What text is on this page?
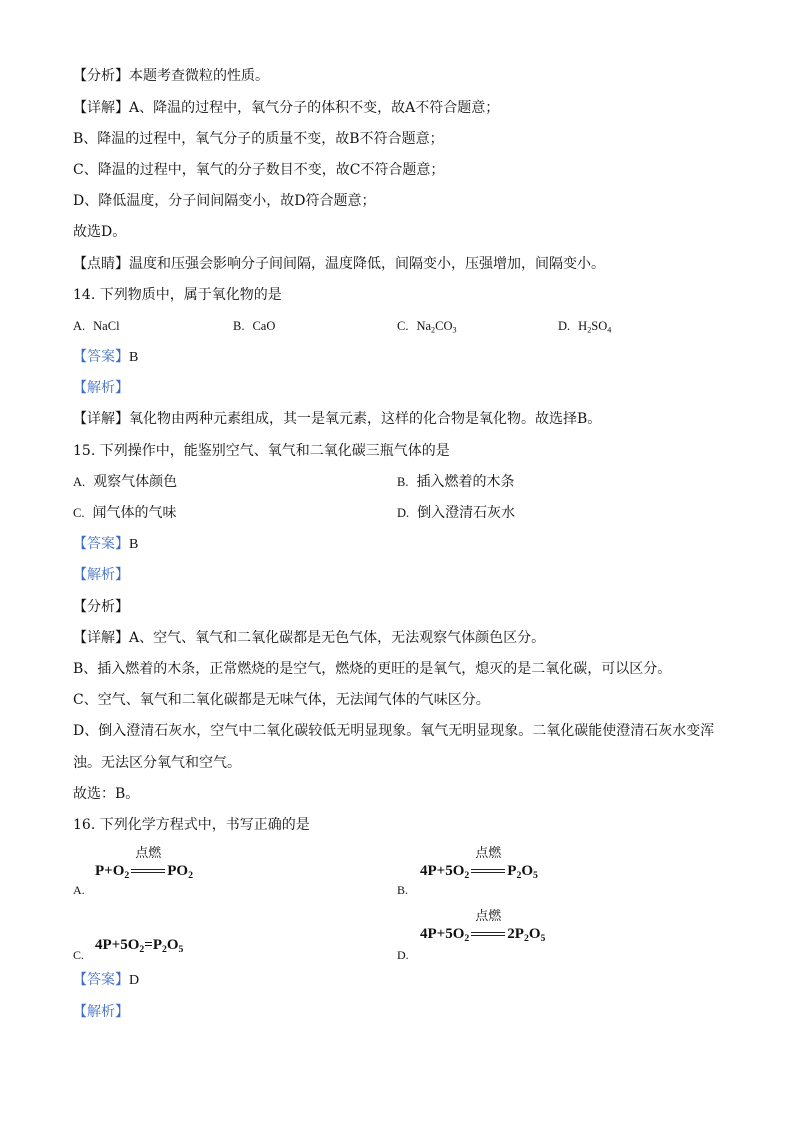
【分析】本题考查微粒的性质。
【详解】A、降温的过程中，氧气分子的体积不变，故A不符合题意；
B、降温的过程中，氧气分子的质量不变，故B不符合题意；
C、降温的过程中，氧气的分子数目不变，故C不符合题意；
D、降低温度，分子间间隔变小，故D符合题意；
故选D。
【点睛】温度和压强会影响分子间间隔，温度降低，间隔变小，压强增加，间隔变小。
14. 下列物质中，属于氧化物的是
A. NaCl	B. CaO	C. $Na_2CO_3$	D. $H_2SO_4$
【答案】B
【解析】
【详解】氧化物由两种元素组成，其一是氧元素，这样的化合物是氧化物。故选择B。
15. 下列操作中，能鉴别空气、氧气和二氧化碳三瓶气体的是
A. 观察气体颜色	B. 插入燃着的木条
C. 闻气体的气味	D. 倒入澄清石灰水
【答案】B
【解析】
【分析】
【详解】A、空气、氧气和二氧化碳都是无色气体，无法观察气体颜色区分。
B、插入燃着的木条，正常燃烧的是空气，燃烧的更旺的是氧气，熄灭的是二氧化碳，可以区分。
C、空气、氧气和二氧化碳都是无味气体，无法闻气体的气味区分。
D、倒入澄清石灰水，空气中二氧化碳较低无明显现象。氧气无明显现象。二氧化碳能使澄清石灰水变浑
浊。无法区分氧气和空气。
故选：B。
16. 下列化学方程式中，书写正确的是
$P+O_2$
点燃
$PO_2$
A.
$4P+5O_2$
点燃
$P_2O_5$
B.
$4P+5O_2=P_2O_5$
C.
$4P+5O_2$
点燃
$2P_2O_5$
D.
【答案】D
【解析】
